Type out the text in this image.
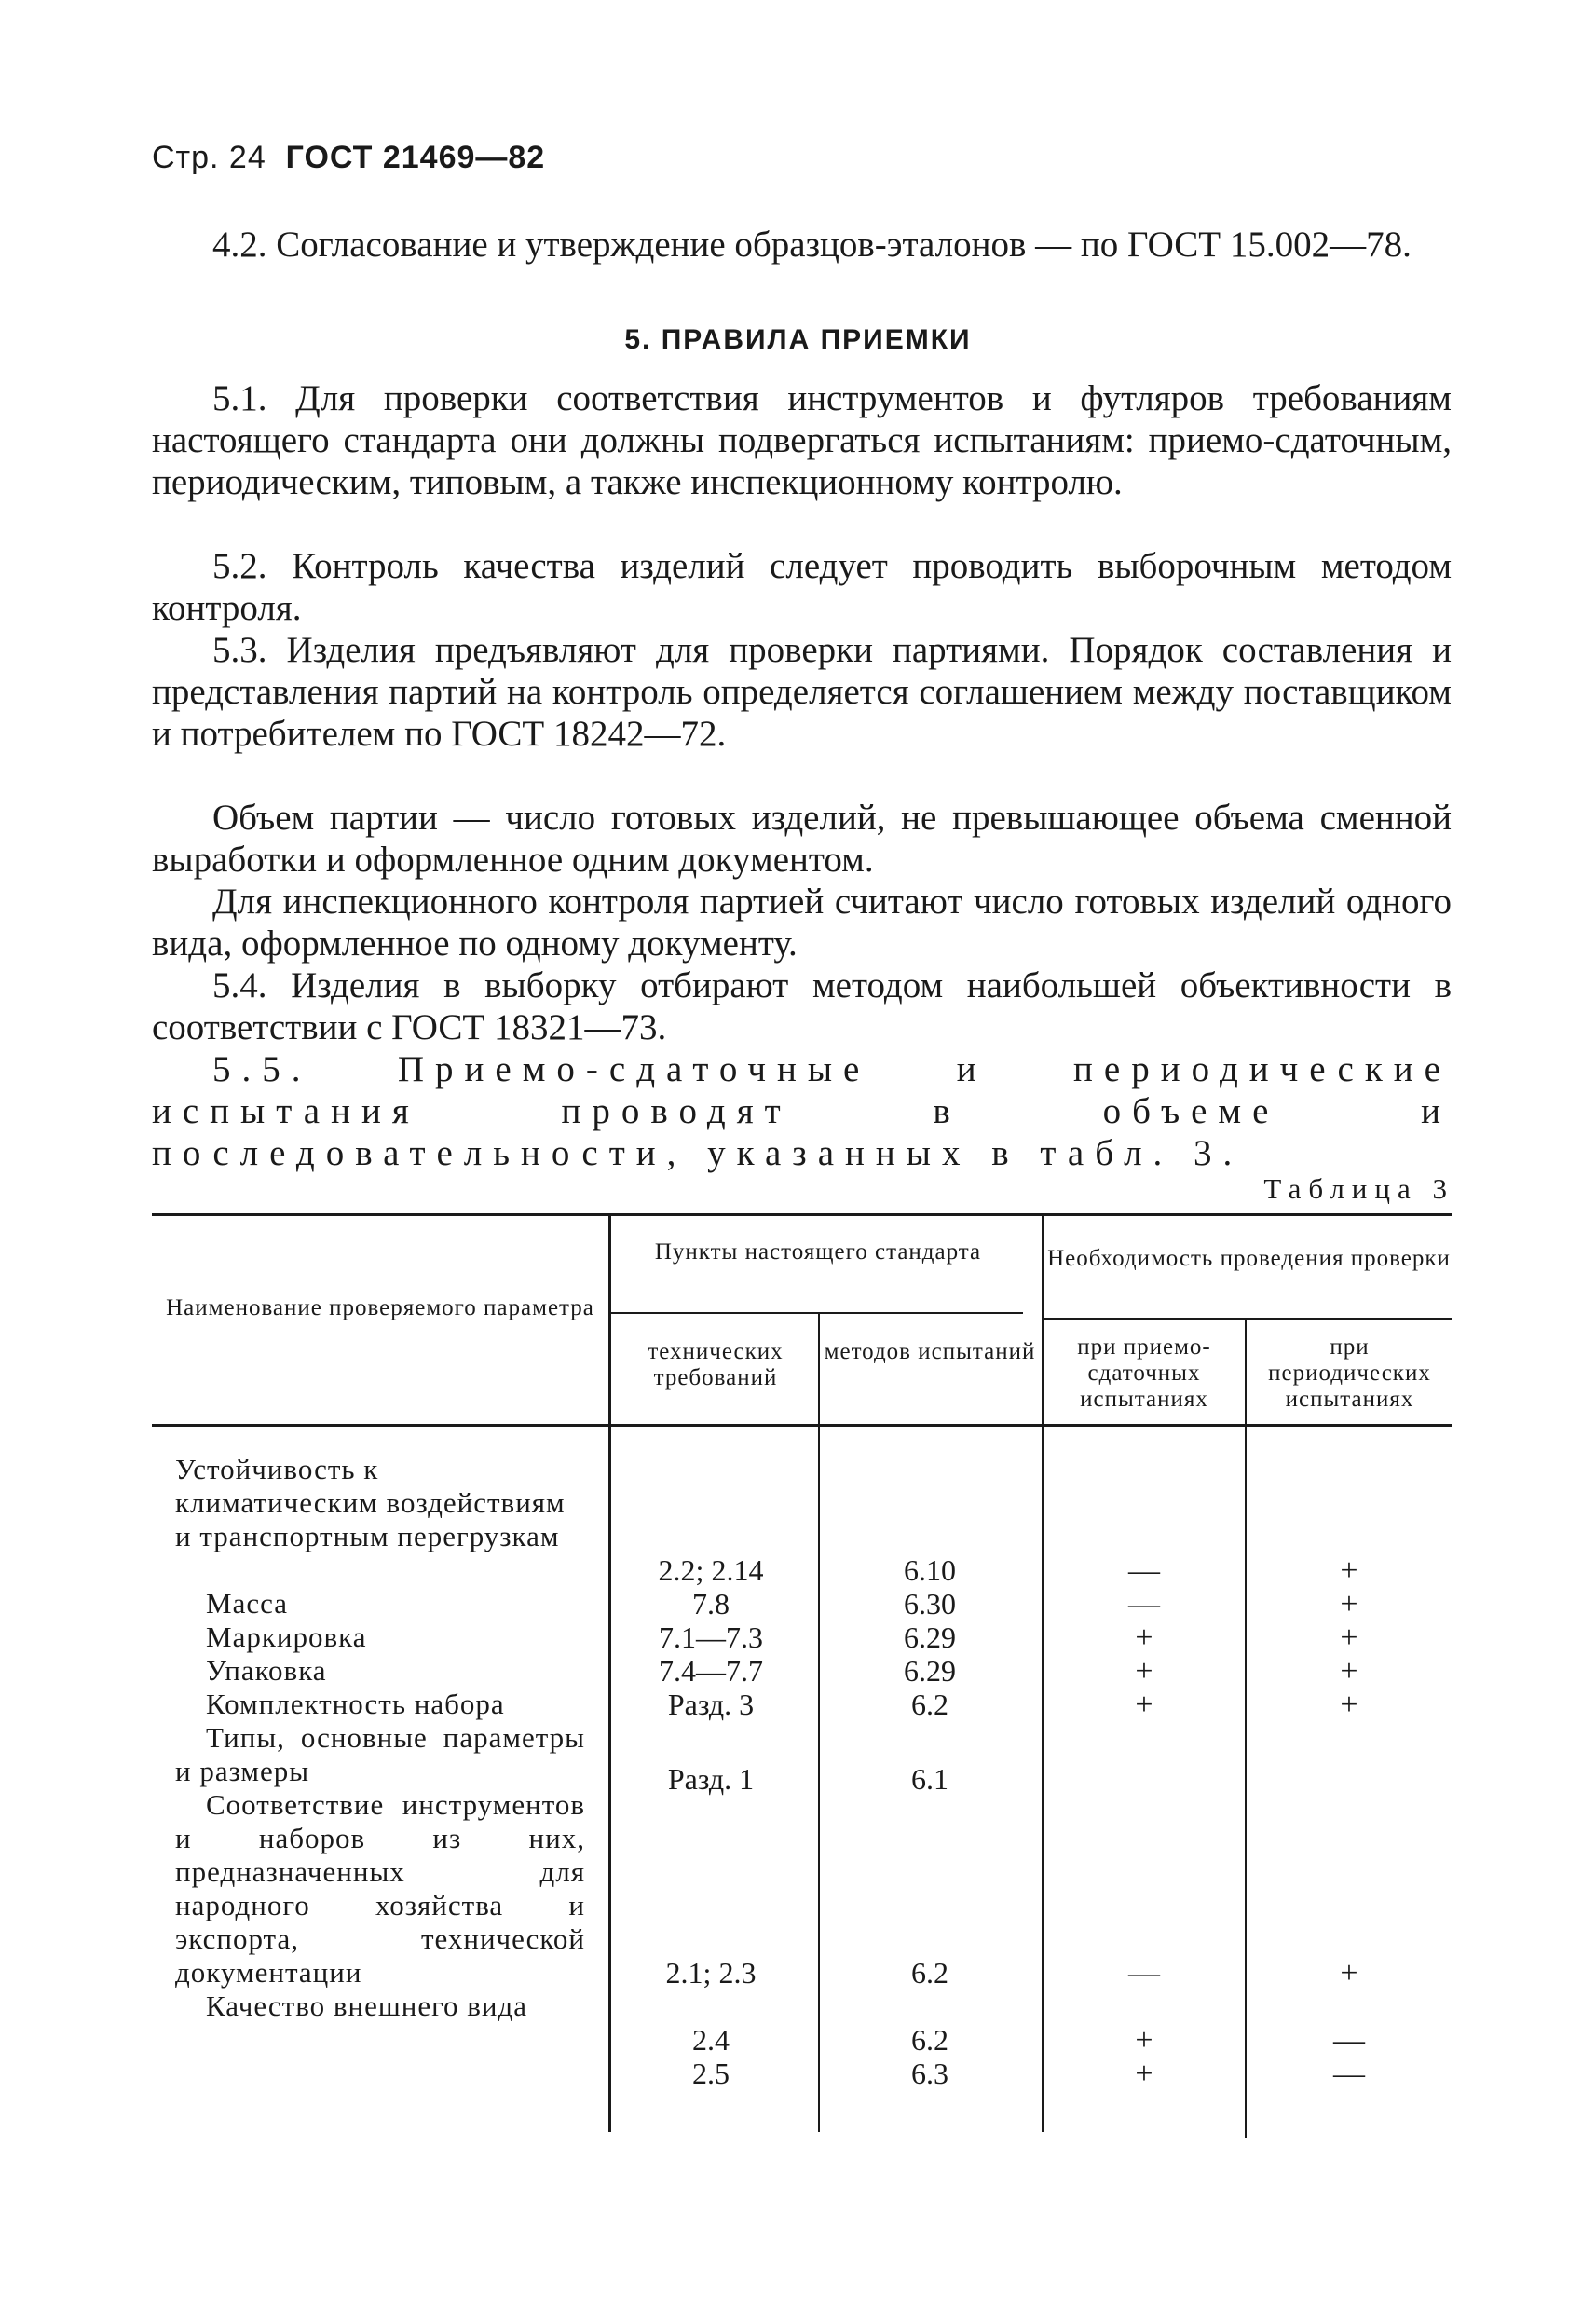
Стр. 24 ГОСТ 21469—82
4.2. Согласование и утверждение образцов-эталонов — по ГОСТ 15.002—78.
5. ПРАВИЛА ПРИЕМКИ
5.1. Для проверки соответствия инструментов и футляров требованиям настоящего стандарта они должны подвергаться испытаниям: приемо-сдаточным, периодическим, типовым, а также инспекционному контролю.
5.2. Контроль качества изделий следует проводить выборочным методом контроля.
5.3. Изделия предъявляют для проверки партиями. Порядок составления и представления партий на контроль определяется соглашением между поставщиком и потребителем по ГОСТ 18242—72.
Объем партии — число готовых изделий, не превышающее объема сменной выработки и оформленное одним документом.
Для инспекционного контроля партией считают число готовых изделий одного вида, оформленное по одному документу.
5.4. Изделия в выборку отбирают методом наибольшей объективности в соответствии с ГОСТ 18321—73.
5.5. Приемо-сдаточные и периодические испытания проводят в объеме и последовательности, указанных в табл. 3.
Таблица 3
Наименование проверяемого параметра
Пункты настоящего стандарта
технических требований
методов испытаний
Необходимость проведения проверки
при приемо-сдаточных испытаниях
при периодических испытаниях
Устойчивость к климатическим воздействиям и транспортным перегрузкам
Масса
Маркировка
Упаковка
Комплектность набора
Типы, основные параметры и размеры
Соответствие инструментов и наборов из них, предназначенных для народного хозяйства и экспорта, технической документации
Качество внешнего вида
2.2; 2.14
7.8
7.1—7.3
7.4—7.7
Разд. 3
Разд. 1
2.1; 2.3
2.4
2.5
6.10
6.30
6.29
6.29
6.2
6.1
6.2
6.2
6.3
—
—
+
+
+
—
+
+
+
+
+
+
+
+
—
—
